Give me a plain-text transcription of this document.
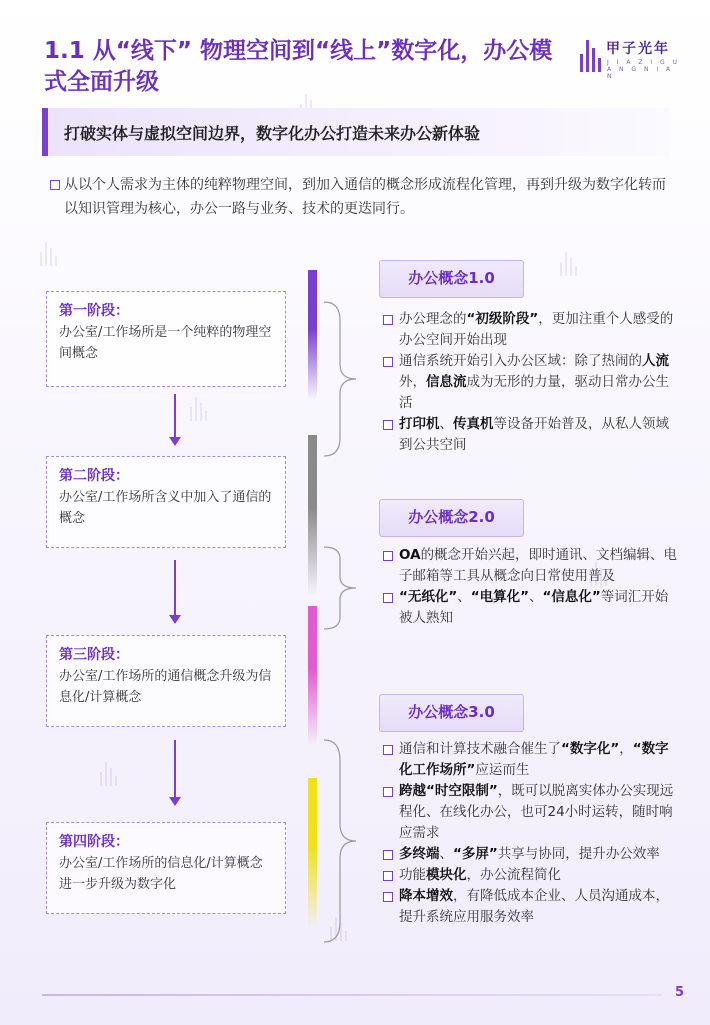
1.1 从“线下” 物理空间到“线上”数字化，办公模式全面升级
甲子光年
J I A Z I G U A N G N I A N
打破实体与虚拟空间边界，数字化办公打造未来办公新体验
从以个人需求为主体的纯粹物理空间，到加入通信的概念形成流程化管理，再到升级为数字化转而以知识管理为核心，办公一路与业务、技术的更迭同行。
第一阶段：
办公室/工作场所是一个纯粹的物理空间概念
第二阶段：
办公室/工作场所含义中加入了通信的概念
第三阶段：
办公室/工作场所的通信概念升级为信息化/计算概念
第四阶段：
办公室/工作场所的信息化/计算概念进一步升级为数字化
办公概念1.0
办公概念2.0
办公概念3.0
办公理念的“初级阶段”，更加注重个人感受的办公空间开始出现
通信系统开始引入办公区域：除了热闹的人流外，信息流成为无形的力量，驱动日常办公生活
打印机、传真机等设备开始普及，从私人领域到公共空间
OA的概念开始兴起，即时通讯、文档编辑、电子邮箱等工具从概念向日常使用普及
“无纸化”、“电算化”、“信息化”等词汇开始被人熟知
通信和计算技术融合催生了“数字化”，“数字化工作场所”应运而生
跨越“时空限制”，既可以脱离实体办公实现远程化、在线化办公，也可24小时运转，随时响应需求
多终端、“多屏”共享与协同，提升办公效率
功能模块化，办公流程简化
降本增效，有降低成本企业、人员沟通成本，提升系统应用服务效率
5
